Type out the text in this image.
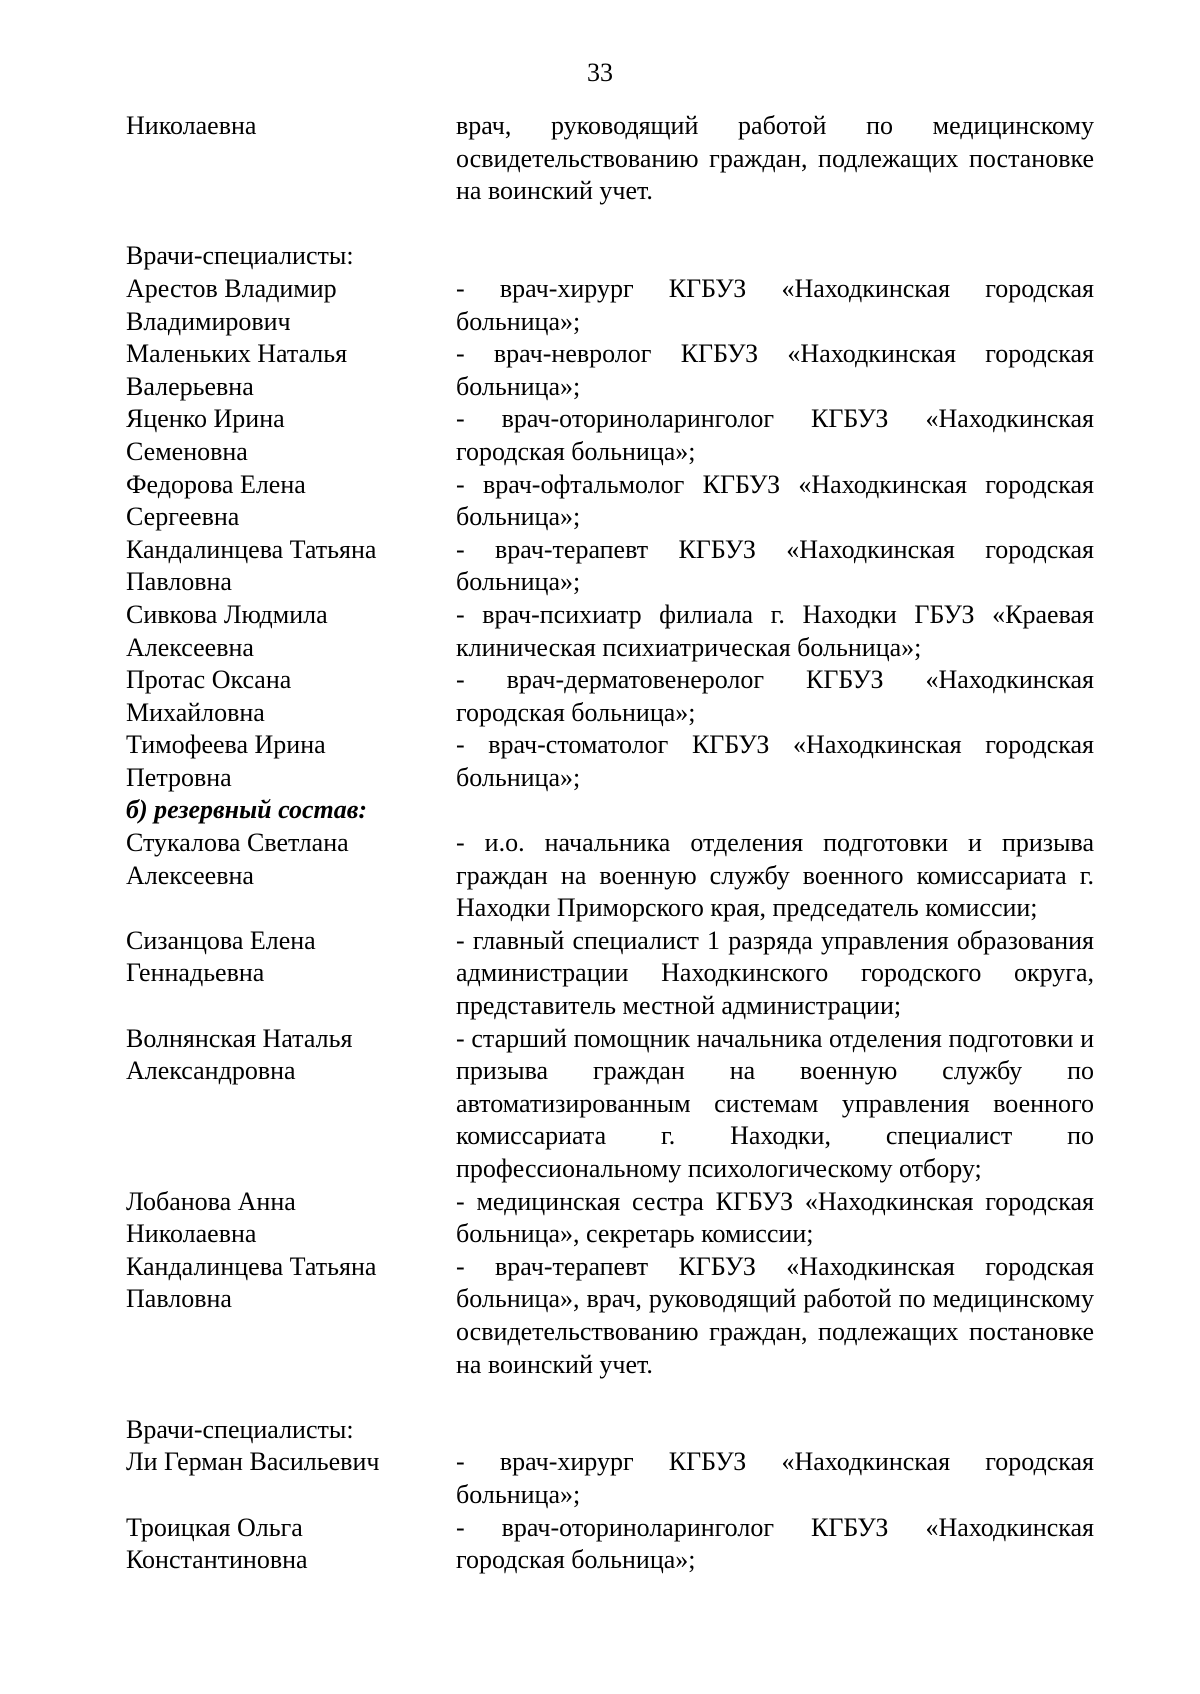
33
Николаевна	врач, руководящий работой по медицинскому освидетельствованию граждан, подлежащих постановке на воинский учет.
Врачи-специалисты:
Арестов Владимир
Владимирович
- врач-хирург КГБУЗ «Находкинская городская больница»;
Маленьких Наталья
Валерьевна
- врач-невролог КГБУЗ «Находкинская городская больница»;
Яценко Ирина
Семеновна
- врач-оториноларинголог КГБУЗ «Находкинская городская больница»;
Федорова Елена
Сергеевна
- врач-офтальмолог КГБУЗ «Находкинская городская больница»;
Кандалинцева Татьяна
Павловна
- врач-терапевт КГБУЗ «Находкинская городская больница»;
Сивкова Людмила
Алексеевна
- врач-психиатр филиала г. Находки ГБУЗ «Краевая клиническая психиатрическая больница»;
Протас Оксана
Михайловна
- врач-дерматовенеролог КГБУЗ «Находкинская городская больница»;
Тимофеева Ирина
Петровна
- врач-стоматолог КГБУЗ «Находкинская городская больница»;
б) резервный состав:
Стукалова Светлана
Алексеевна
- и.о. начальника отделения подготовки и призыва граждан на военную службу военного комиссариата г. Находки Приморского края, председатель комиссии;
Сизанцова Елена
Геннадьевна
- главный специалист 1 разряда управления образования администрации Находкинского городского округа, представитель местной администрации;
Волнянская Наталья
Александровна
- старший помощник начальника отделения подготовки и призыва граждан на военную службу по автоматизированным системам управления военного комиссариата г. Находки, специалист по профессиональному психологическому отбору;
Лобанова Анна
Николаевна
- медицинская сестра КГБУЗ «Находкинская городская больница», секретарь комиссии;
Кандалинцева Татьяна
Павловна
- врач-терапевт КГБУЗ «Находкинская городская больница», врач, руководящий работой по медицинскому освидетельствованию граждан, подлежащих постановке на воинский учет.
Врачи-специалисты:
Ли Герман Васильевич	- врач-хирург КГБУЗ «Находкинская городская больница»;
Троицкая Ольга
Константиновна
- врач-оториноларинголог КГБУЗ «Находкинская городская больница»;
